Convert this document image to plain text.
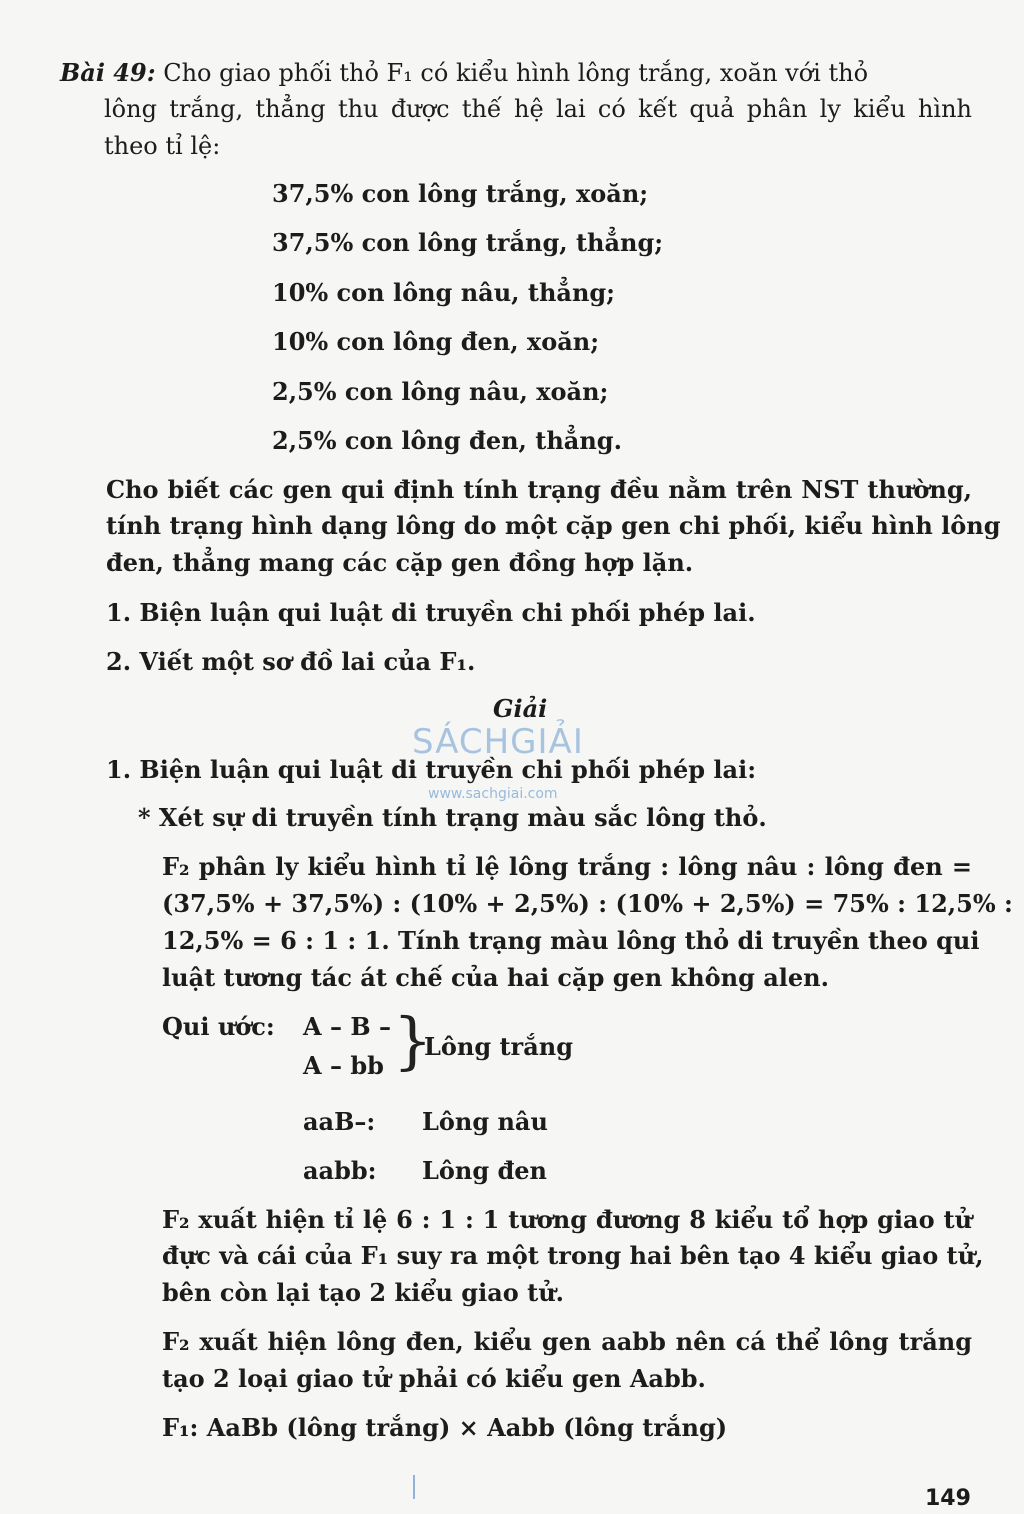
Bài 49: Cho giao phối thỏ F₁ có kiểu hình lông trắng, xoăn với thỏ
lông trắng, thẳng thu được thế hệ lai có kết quả phân ly kiểu hình
theo tỉ lệ:
37,5% con lông trắng, xoăn;
37,5% con lông trắng, thẳng;
10% con lông nâu, thẳng;
10% con lông đen, xoăn;
2,5% con lông nâu, xoăn;
2,5% con lông đen, thẳng.
Cho biết các gen qui định tính trạng đều nằm trên NST thường,
tính trạng hình dạng lông do một cặp gen chi phối, kiểu hình lông
đen, thẳng mang các cặp gen đồng hợp lặn.
1. Biện luận qui luật di truyền chi phối phép lai.
2. Viết một sơ đồ lai của F₁.
Giải
SÁCHGIẢI
www.sachgiai.com
1. Biện luận qui luật di truyền chi phối phép lai:
* Xét sự di truyền tính trạng màu sắc lông thỏ.
F₂ phân ly kiểu hình tỉ lệ lông trắng : lông nâu : lông đen =
(37,5% + 37,5%) : (10% + 2,5%) : (10% + 2,5%) = 75% : 12,5% :
12,5% = 6 : 1 : 1. Tính trạng màu lông thỏ di truyền theo qui
luật tương tác át chế của hai cặp gen không alen.
Qui ước: A – B –
A – bb }
Lông trắng
aaB–: Lông nâu
aabb: Lông đen
F₂ xuất hiện tỉ lệ 6 : 1 : 1 tương đương 8 kiểu tổ hợp giao tử
đực và cái của F₁ suy ra một trong hai bên tạo 4 kiểu giao tử,
bên còn lại tạo 2 kiểu giao tử.
F₂ xuất hiện lông đen, kiểu gen aabb nên cá thể lông trắng
tạo 2 loại giao tử phải có kiểu gen Aabb.
F₁: AaBb (lông trắng) × Aabb (lông trắng)
149
